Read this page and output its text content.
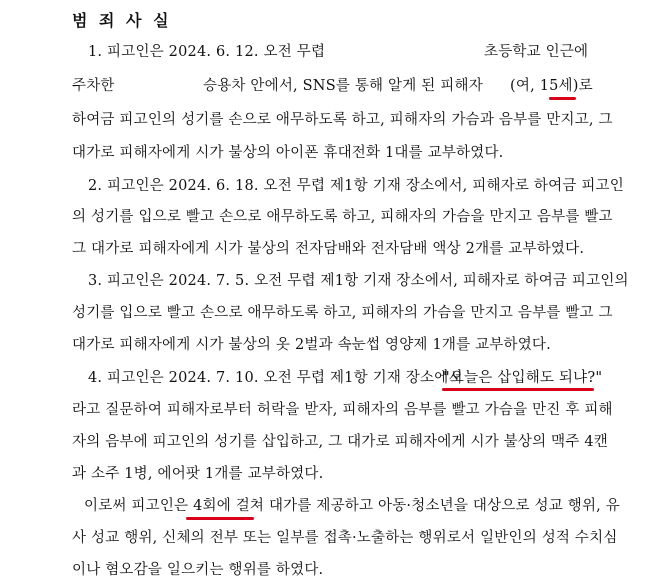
범 죄 사 실
1. 피고인은 2024. 6. 12. 오전 무렵	초등학교 인근에
주차한	승용차 안에서, SNS를 통해 알게 된 피해자 (여, 15세)로
하여금 피고인의 성기를 손으로 애무하도록 하고, 피해자의 가슴과 음부를 만지고, 그
대가로 피해자에게 시가 불상의 아이폰 휴대전화 1대를 교부하였다.
2. 피고인은 2024. 6. 18. 오전 무렵 제1항 기재 장소에서, 피해자로 하여금 피고인
의 성기를 입으로 빨고 손으로 애무하도록 하고, 피해자의 가슴을 만지고 음부를 빨고
그 대가로 피해자에게 시가 불상의 전자담배와 전자담배 액상 2개를 교부하였다.
3. 피고인은 2024. 7. 5. 오전 무렵 제1항 기재 장소에서, 피해자로 하여금 피고인의
성기를 입으로 빨고 손으로 애무하도록 하고, 피해자의 가슴을 만지고 음부를 빨고 그
대가로 피해자에게 시가 불상의 옷 2벌과 속눈썹 영양제 1개를 교부하였다.
4. 피고인은 2024. 7. 10. 오전 무렵 제1항 기재 장소에서
"오늘은 삽입해도 되냐?"
라고 질문하여 피해자로부터 허락을 받자, 피해자의 음부를 빨고 가슴을 만진 후 피해
자의 음부에 피고인의 성기를 삽입하고, 그 대가로 피해자에게 시가 불상의 맥주 4캔
과 소주 1병, 에어팟 1개를 교부하였다.
이로써 피고인은 4회에 걸쳐 대가를 제공하고 아동·청소년을 대상으로 성교 행위, 유
사 성교 행위, 신체의 전부 또는 일부를 접촉·노출하는 행위로서 일반인의 성적 수치심
이나 혐오감을 일으키는 행위를 하였다.
